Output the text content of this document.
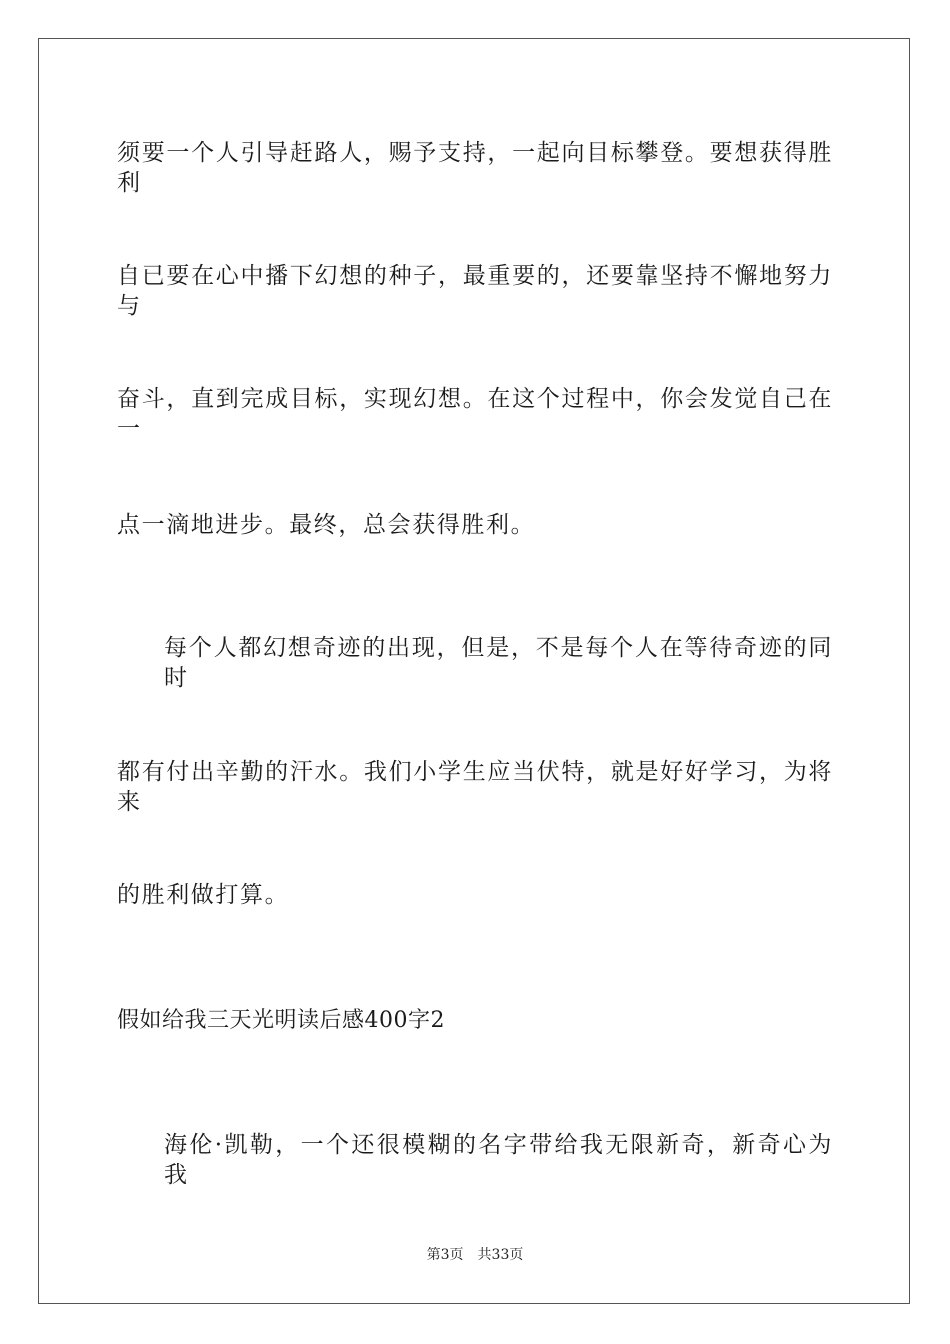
须要一个人引导赶路人，赐予支持，一起向目标攀登。要想获得胜利
自已要在心中播下幻想的种子，最重要的，还要靠坚持不懈地努力与
奋斗，直到完成目标，实现幻想。在这个过程中，你会发觉自己在一
点一滴地进步。最终，总会获得胜利。
每个人都幻想奇迹的出现，但是，不是每个人在等待奇迹的同时
都有付出辛勤的汗水。我们小学生应当伏特，就是好好学习，为将来
的胜利做打算。
假如给我三天光明读后感400字2
海伦·凯勒，一个还很模糊的名字带给我无限新奇，新奇心为我
第3页 共33页
